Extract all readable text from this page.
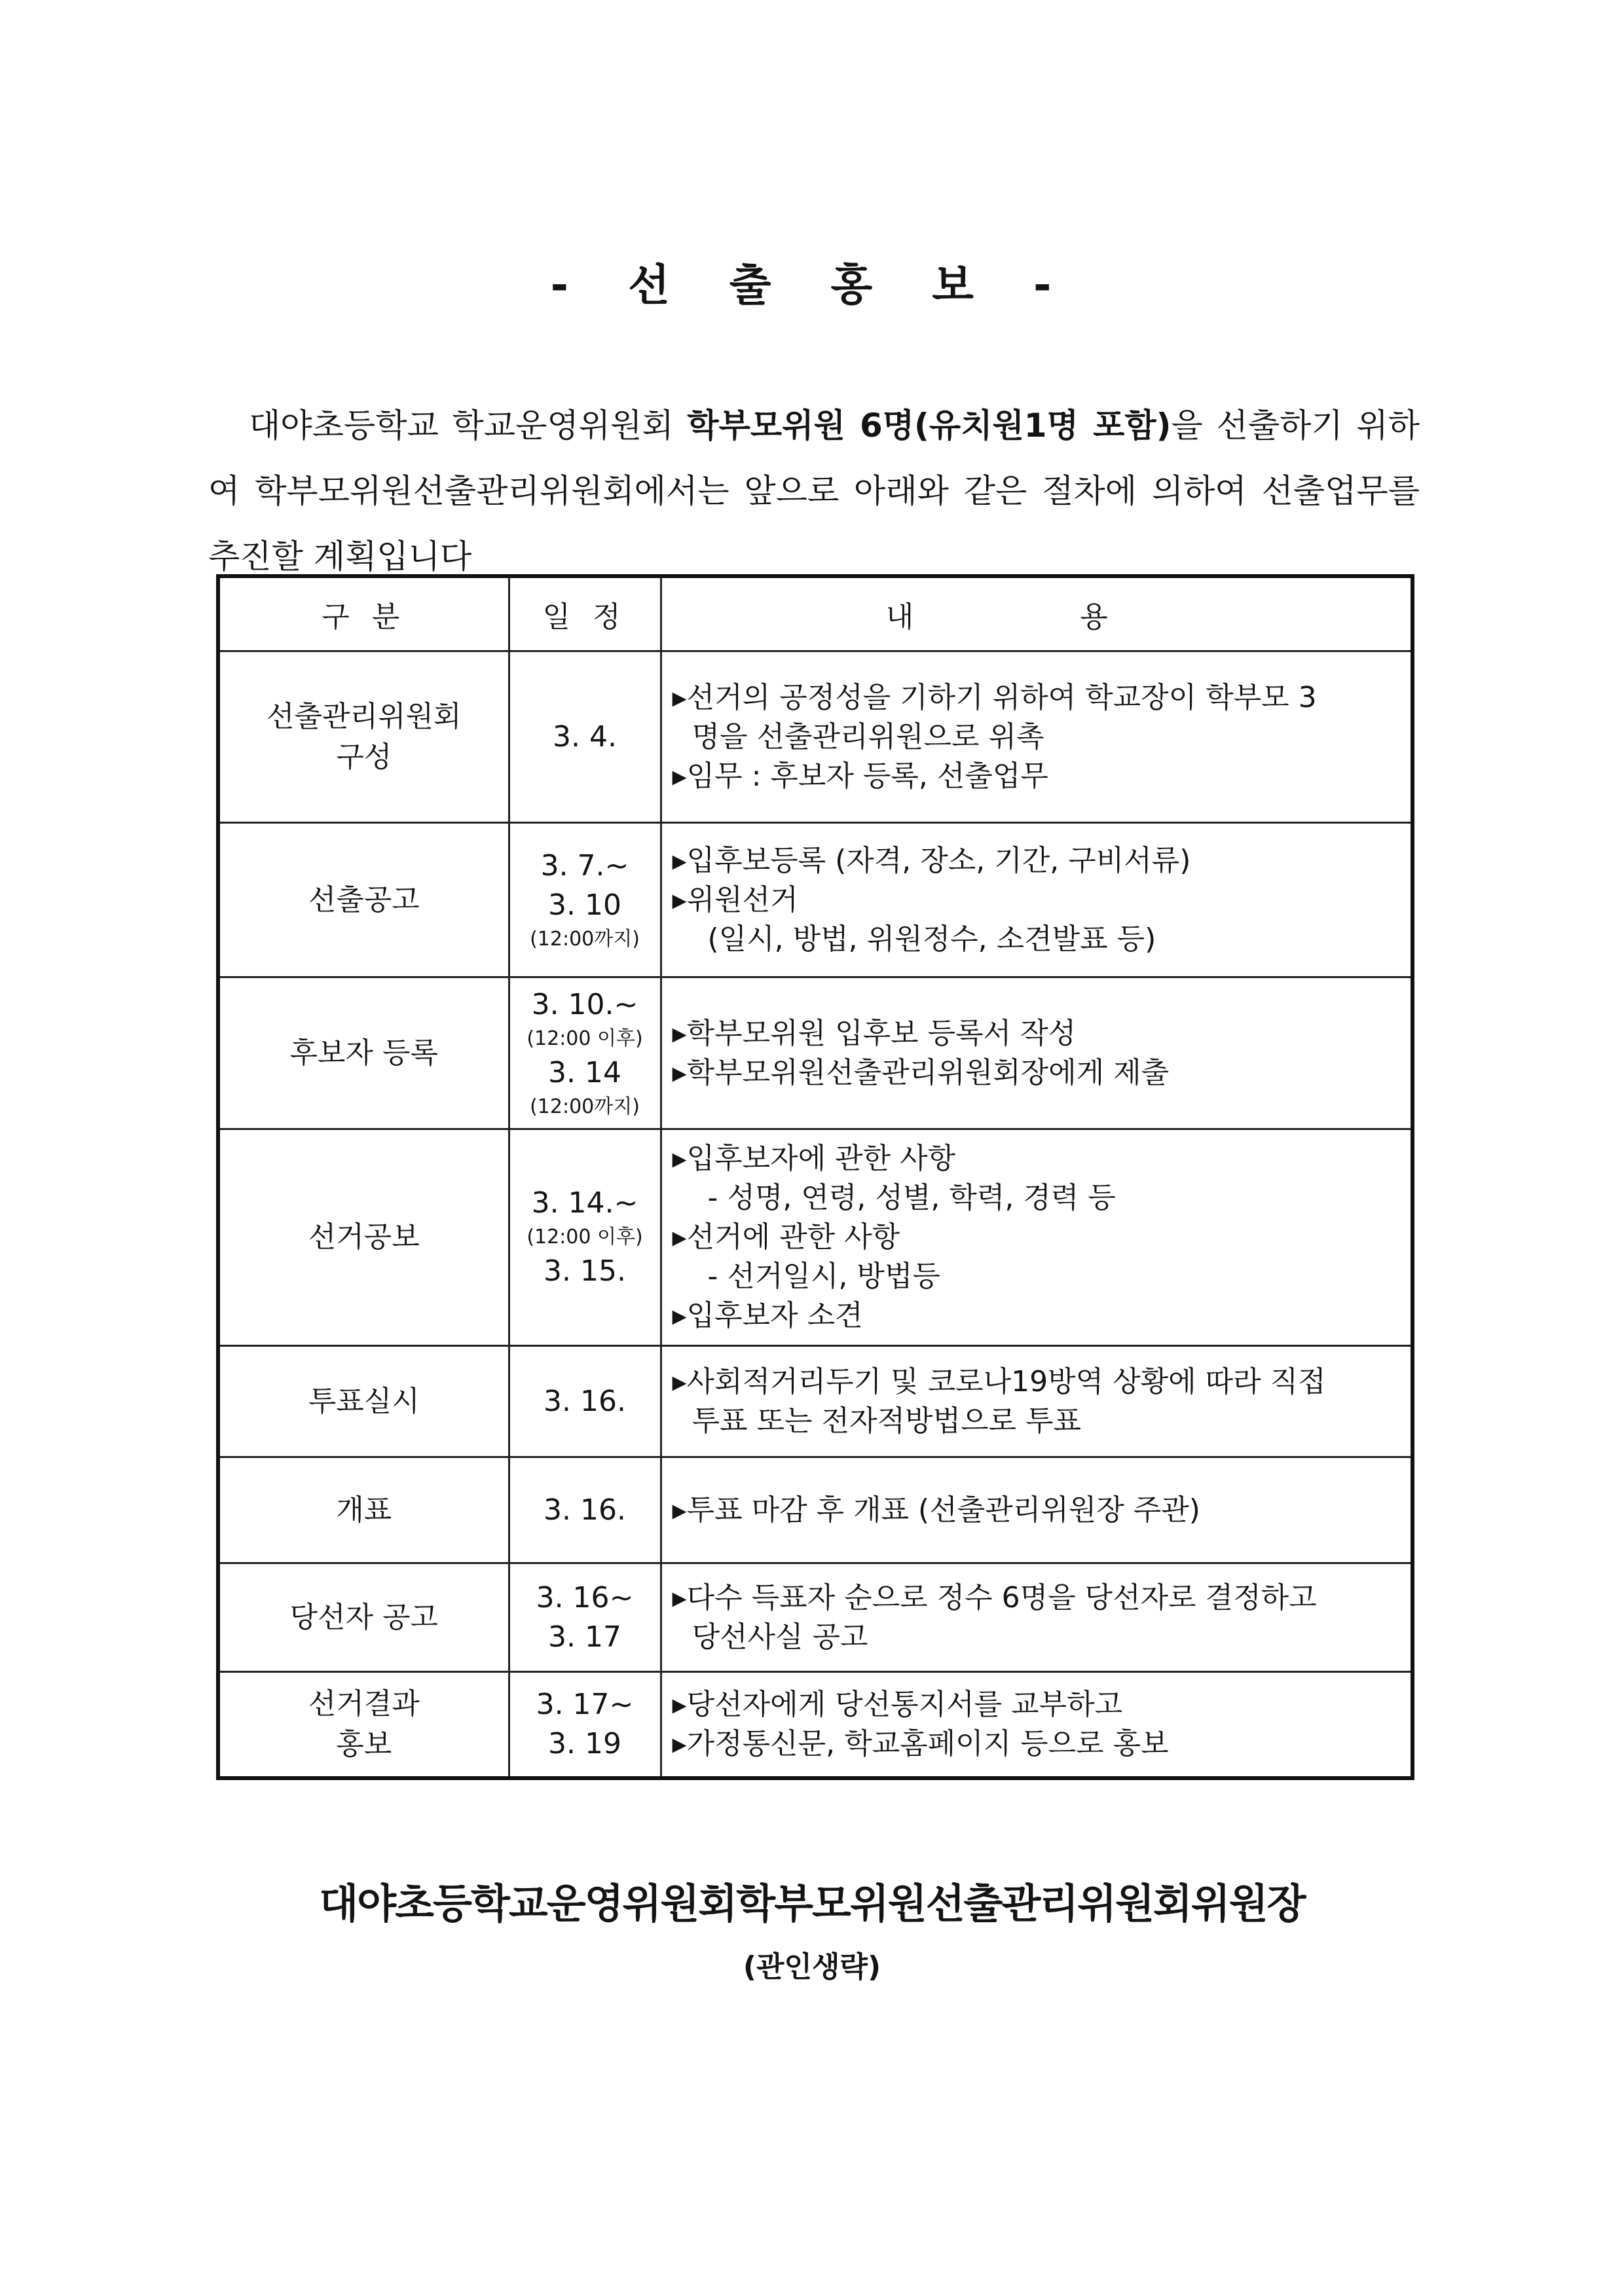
- 선 출 홍 보 -

대야초등학교 학교운영위원회 학부모위원 6명(유치원1명 포함)을 선출하기 위하여 학부모위원선출관리위원회에서는 앞으로 아래와 같은 절차에 의하여 선출업무를 추진할 계획입니다

구 분	일 정	내 용

선출관리위원회
구성	3. 4.	▸선거의 공정성을 기하기 위하여 학교장이 학부모 3
명을 선출관리위원으로 위촉
▸임무 : 후보자 등록, 선출업무

선출공고	3. 7.~
3. 10
(12:00까지)	▸입후보등록 (자격, 장소, 기간, 구비서류)
▸위원선거
(일시, 방법, 위원정수, 소견발표 등)

후보자 등록	3. 10.~
(12:00 이후)
3. 14
(12:00까지)	▸학부모위원 입후보 등록서 작성
▸학부모위원선출관리위원회장에게 제출

선거공보	3. 14.~
(12:00 이후)
3. 15.	▸입후보자에 관한 사항
- 성명, 연령, 성별, 학력, 경력 등
▸선거에 관한 사항
- 선거일시, 방법등
▸입후보자 소견

투표실시	3. 16.	▸사회적거리두기 및 코로나19방역 상황에 따라 직접
투표 또는 전자적방법으로 투표

개표	3. 16.	▸투표 마감 후 개표 (선출관리위원장 주관)

당선자 공고	3. 16~
3. 17	▸다수 득표자 순으로 정수 6명을 당선자로 결정하고
당선사실 공고

선거결과
홍보	3. 17~
3. 19	▸당선자에게 당선통지서를 교부하고
▸가정통신문, 학교홈페이지 등으로 홍보
대야초등학교운영위원회학부모위원선출관리위원회위원장
(관인생략)
